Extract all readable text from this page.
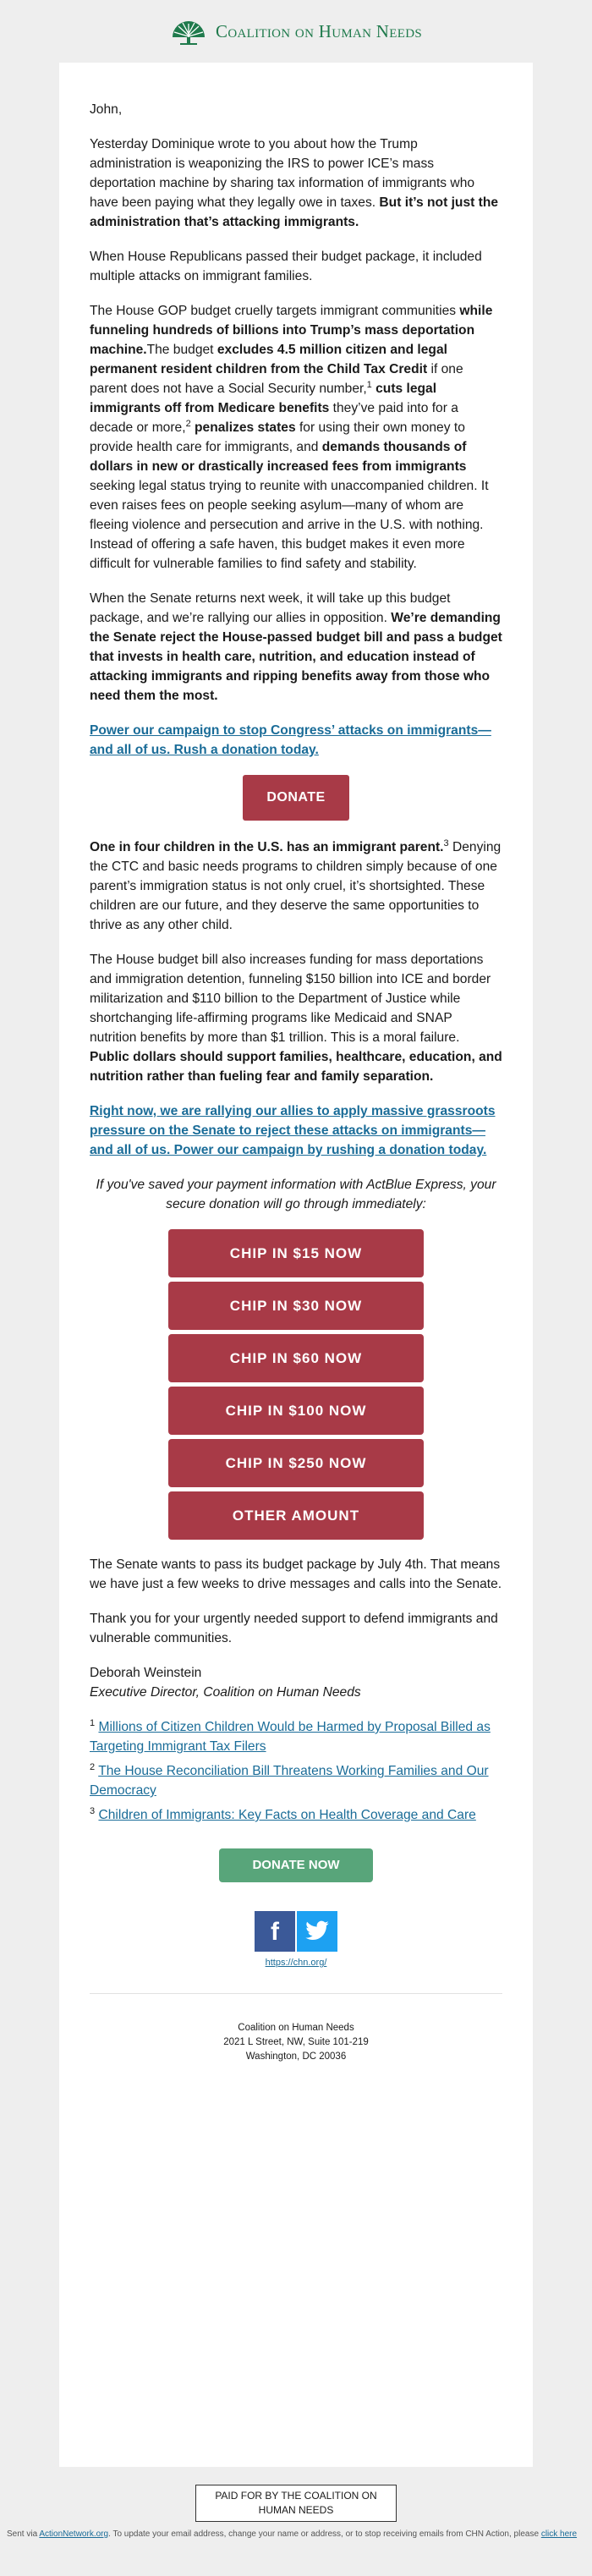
Coalition on Human Needs

John,

Yesterday Dominique wrote to you about how the Trump administration is weaponizing the IRS to power ICE’s mass deportation machine by sharing tax information of immigrants who have been paying what they legally owe in taxes. But it’s not just the administration that’s attacking immigrants.

When House Republicans passed their budget package, it included multiple attacks on immigrant families.

The House GOP budget cruelly targets immigrant communities while funneling hundreds of billions into Trump’s mass deportation machine.The budget excludes 4.5 million citizen and legal permanent resident children from the Child Tax Credit if one parent does not have a Social Security number,$^1$ cuts legal immigrants off from Medicare benefits they’ve paid into for a decade or more,$^2$ penalizes states for using their own money to provide health care for immigrants, and demands thousands of dollars in new or drastically increased fees from immigrants seeking legal status trying to reunite with unaccompanied children. It even raises fees on people seeking asylum—many of whom are fleeing violence and persecution and arrive in the U.S. with nothing. Instead of offering a safe haven, this budget makes it even more difficult for vulnerable families to find safety and stability.

When the Senate returns next week, it will take up this budget package, and we’re rallying our allies in opposition. We’re demanding the Senate reject the House-passed budget bill and pass a budget that invests in health care, nutrition, and education instead of attacking immigrants and ripping benefits away from those who need them the most.

Power our campaign to stop Congress’ attacks on immigrants—and all of us. Rush a donation today.
DONATE

One in four children in the U.S. has an immigrant parent.$^3$ Denying the CTC and basic needs programs to children simply because of one parent’s immigration status is not only cruel, it’s shortsighted. These children are our future, and they deserve the same opportunities to thrive as any other child.

The House budget bill also increases funding for mass deportations and immigration detention, funneling $150 billion into ICE and border militarization and $110 billion to the Department of Justice while shortchanging life-affirming programs like Medicaid and SNAP nutrition benefits by more than $1 trillion. This is a moral failure. Public dollars should support families, healthcare, education, and nutrition rather than fueling fear and family separation.

Right now, we are rallying our allies to apply massive grassroots pressure on the Senate to reject these attacks on immigrants—and all of us. Power our campaign by rushing a donation today.

If you've saved your payment information with ActBlue Express, your secure donation will go through immediately:

CHIP IN $15 NOW
CHIP IN $30 NOW
CHIP IN $60 NOW
CHIP IN $100 NOW
CHIP IN $250 NOW
OTHER AMOUNT

The Senate wants to pass its budget package by July 4th. That means we have just a few weeks to drive messages and calls into the Senate.

Thank you for your urgently needed support to defend immigrants and vulnerable communities.

Deborah Weinstein
Executive Director, Coalition on Human Needs

$^1$ Millions of Citizen Children Would be Harmed by Proposal Billed as Targeting Immigrant Tax Filers
$^2$ The House Reconciliation Bill Threatens Working Families and Our Democracy
$^3$ Children of Immigrants: Key Facts on Health Coverage and Care
DONATE NOW
f
https://chn.org/
Coalition on Human Needs
2021 L Street, NW, Suite 101-219
Washington, DC 20036
PAID FOR BY THE COALITION ON HUMAN NEEDS
Sent via ActionNetwork.org. To update your email address, change your name or address, or to stop receiving emails from CHN Action, please click here
